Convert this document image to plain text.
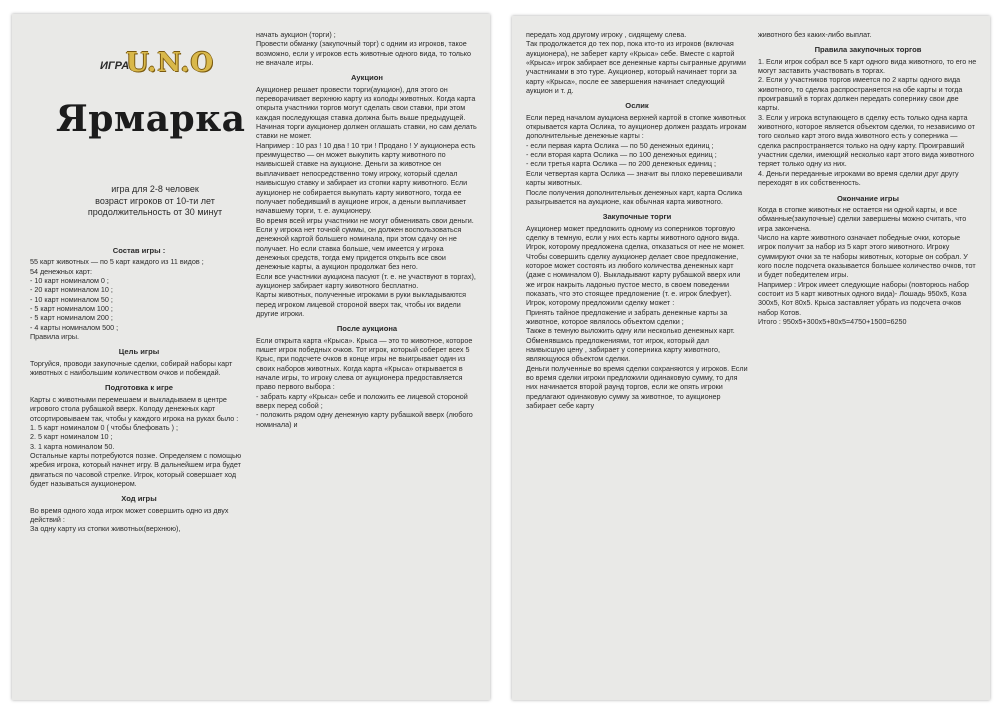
ИГРА
U.N.O
Ярмарка
игра для 2-8 человек
возраст игроков от 10-ти лет
продолжительность от 30 минут

Состав игры :

55 карт животных — по 5 карт каждого из 11 видов ;

54 денежных карт:

- 10 карт номиналом 0 ;

- 20 карт номиналом 10 ;

- 10 карт номиналом 50 ;

- 5 карт номиналом 100 ;

- 5 карт номиналом 200 ;

- 4 карты номиналом 500 ;

Правила игры.

Цель игры

Торгуйся, проводи закупочные сделки, собирай наборы карт животных с наибольшим количеством очков и побеждай.

Подготовка к игре

Карты с животными перемешаем и выкладываем в центре игрового стола рубашкой вверх. Колоду денежных карт отсортировываем так, чтобы у каждого игрока на руках было :

1. 5 карт номиналом 0 ( чтобы блефовать ) ;

2. 5 карт номиналом 10 ;

3. 1 карта номиналом 50.

Остальные карты потребуются позже. Определяем с помощью жребия игрока, который начнет игру. В дальнейшем игра будет двигаться по часовой стрелке. Игрок, который совершает ход будет называться аукционером.

Ход игры

Во время одного хода игрок может совершить одно из двух действий :

За одну карту из стопки животных(верхнюю),

начать аукцион (торги) ;

Провести обманку (закупочный торг) с одним из игроков, такое возможно, если у игроков есть животные одного вида, то только не вначале игры.

Аукцион

Аукционер решает провести торги(аукцион), для этого он переворачивает верхнюю карту из колоды животных. Когда карта открыта участники торгов могут сделать свои ставки, при этом каждая последующая ставка должна быть выше предыдущей. Начиная торги аукционер должен оглашать ставки, но сам делать ставки не может.

Например : 10 раз ! 10 два ! 10 три ! Продано ! У аукционера есть преимущество — он может выкупить карту животного по наивысшей ставке на аукционе. Деньги за животное он выплачивает непосредственно тому игроку, который сделал наивысшую ставку и забирает из стопки карту животного. Если аукционер не собирается выкупать карту животного, тогда ее получает победивший в аукционе игрок, а деньги выплачивает начавшему торги, т. е. аукционеру.

Во время всей игры участники не могут обменивать свои деньги. Если у игрока нет точной суммы, он должен воспользоваться денежной картой большего номинала, при этом сдачу он не получает. Но если ставка больше, чем имеется у игрока денежных средств, тогда ему придется открыть все свои денежные карты, а аукцион продолжат без него.

Если все участники аукциона пасуют (т. е. не участвуют в торгах), аукционер забирает карту животного бесплатно.

Карты животных, полученные игроками в руки выкладываются перед игроком лицевой стороной вверх так, чтобы их видели другие игроки.

После аукциона

Если открыта карта «Крыса». Крыса — это то животное, которое пишет игрок победных очков. Тот игрок, который соберет всех 5 Крыс, при подсчете очков в конце игры не выигрывает один из своих наборов животных. Когда карта «Крыса» открывается в начале игры, то игроку слева от аукционера предоставляется право первого выбора :

- забрать карту «Крыса» себе и положить ее лицевой стороной вверх перед собой ;

- положить рядом одну денежную карту рубашкой вверх (любого номинала) и

передать ход другому игроку , сидящему слева.

Так продолжается до тех пор, пока кто-то из игроков (включая аукционера), не заберет карту «Крыса» себе. Вместе с картой «Крыса» игрок забирает все денежные карты сыгранные другими участниками в это туре. Аукционер, который начинает торги за карту «Крыса», после ее завершения начинает следующий аукцион и т. д.

Ослик

Если перед началом аукциона верхней картой в стопке животных открывается карта Ослика, то аукционер должен раздать игрокам дополнительные денежные карты :

- если первая карта Ослика — по 50 денежных единиц ;

- если вторая карта Ослика — по 100 денежных единиц ;

- если третья карта Ослика — по 200 денежных единиц ;

Если четвертая карта Ослика — значит вы плохо перевешивали карты животных.

После получения дополнительных денежных карт, карта Ослика разыгрывается на аукционе, как обычная карта животного.

Закупочные торги

Аукционер может предложить одному из соперников торговую сделку в темную, если у них есть карты животного одного вида. Игрок, которому предложена сделка, отказаться от нее не может.

Чтобы совершить сделку аукционер делает свое предложение, которое может состоять из любого количества денежных карт (даже с номиналом 0). Выкладывают карту рубашкой вверх или же игрок накрыть ладонью пустое место, в своем поведении показать, что это стоящее предложение (т. е. игрок блефует). Игрок, которому предложили сделку может :

Принять тайное предложение и забрать денежные карты за животное, которое являлось объектом сделки ;

Также в темную выложить одну или несколько денежных карт. Обменявшись предложениями, тот игрок, который дал наивысшую цену , забирает у соперника карту животного, являющуюся объектом сделки.

Деньги полученные во время сделки сохраняются у игроков. Если во время сделки игроки предложили одинаковую сумму, то для них начинается второй раунд торгов, если же опять игроки предлагают одинаковую сумму за животное, то аукционер забирает себе карту

животного без каких-либо выплат.

Правила закупочных торгов

1. Если игрок собрал все 5 карт одного вида животного, то его не могут заставить участвовать в торгах.

2. Если у участников торгов имеется по 2 карты одного вида животного, то сделка распространяется на обе карты и тогда проигравший в торгах должен передать сопернику свои две карты.

3. Если у игрока вступающего в сделку есть только одна карта животного, которое является объектом сделки, то независимо от того сколько карт этого вида животного есть у соперника — сделка распространяется только на одну карту. Проигравший участник сделки, имеющий несколько карт этого вида животного теряет только одну из них.

4. Деньги переданные игроками во время сделки друг другу переходят в их собственность.

Окончание игры

Когда в стопке животных не остается ни одной карты, и все обманные(закупочные) сделки завершены можно считать, что игра закончена.

Число на карте животного означает победные очки, которые игрок получит за набор из 5 карт этого животного. Игроку суммируют очки за те наборы животных, которые он собрал. У кого после подсчета оказывается большее количество очков, тот и будет победителем игры.

Например : Игрок имеет следующие наборы (повторюсь набор состоит из 5 карт животных одного вида)- Лошадь 950х5, Коза 300х5, Кот 80х5. Крыса заставляет убрать из подсчета очков набор Котов.

Итого : 950х5+300х5+80х5=4750+1500=6250
